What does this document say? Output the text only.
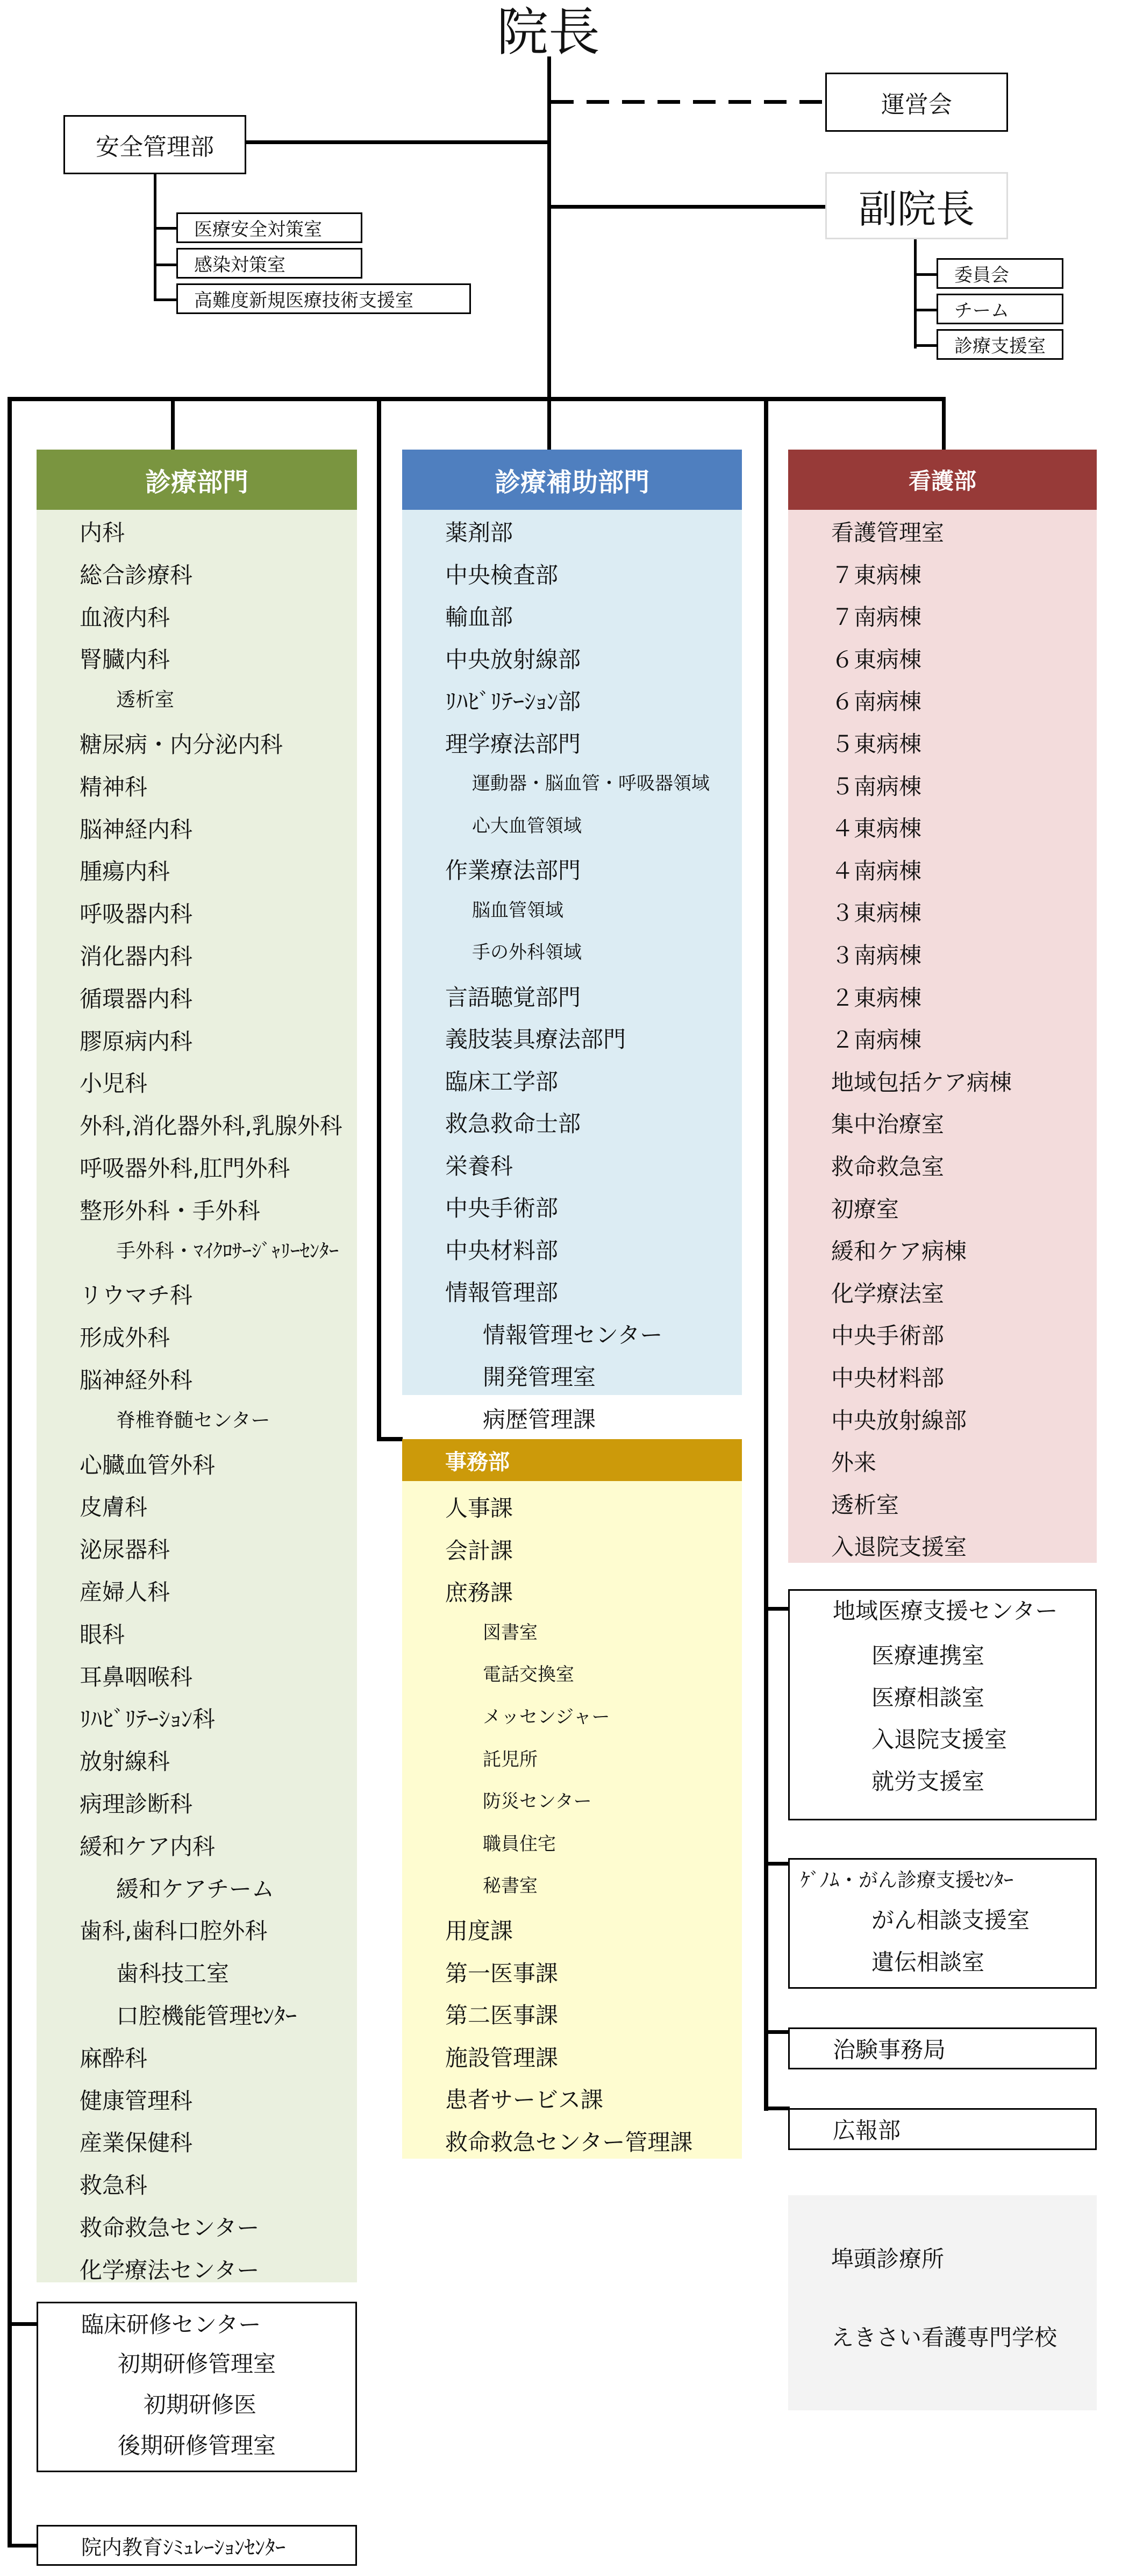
院長
運営会
安全管理部
医療安全対策室
感染対策室
高難度新規医療技術支援室
副院長
委員会
チーム
診療支援室
診療部門
内科
総合診療科
血液内科
腎臓内科
透析室
糖尿病・内分泌内科
精神科
脳神経内科
腫瘍内科
呼吸器内科
消化器内科
循環器内科
膠原病内科
小児科
外科,消化器外科,乳腺外科
呼吸器外科,肛門外科
整形外科・手外科
手外科・ﾏｲｸﾛｻｰｼﾞｬﾘｰｾﾝﾀｰ
リウマチ科
形成外科
脳神経外科
脊椎脊髄センター
心臓血管外科
皮膚科
泌尿器科
産婦人科
眼科
耳鼻咽喉科
ﾘﾊﾋﾞﾘﾃｰｼｮﾝ科
放射線科
病理診断科
緩和ケア内科
緩和ケアチーム
歯科,歯科口腔外科
歯科技工室
口腔機能管理ｾﾝﾀｰ
麻酔科
健康管理科
産業保健科
救急科
救命救急センター
化学療法センター
診療補助部門
薬剤部
中央検査部
輸血部
中央放射線部
ﾘﾊﾋﾞﾘﾃｰｼｮﾝ部
理学療法部門
運動器・脳血管・呼吸器領域
心大血管領域
作業療法部門
脳血管領域
手の外科領域
言語聴覚部門
義肢装具療法部門
臨床工学部
救急救命士部
栄養科
中央手術部
中央材料部
情報管理部
情報管理センター
開発管理室
病歴管理課
事務部
人事課
会計課
庶務課
図書室
電話交換室
メッセンジャー
託児所
防災センター
職員住宅
秘書室
用度課
第一医事課
第二医事課
施設管理課
患者サービス課
救命救急センター管理課
看護部
看護管理室
７東病棟
７南病棟
６東病棟
６南病棟
５東病棟
５南病棟
４東病棟
４南病棟
３東病棟
３南病棟
２東病棟
２南病棟
地域包括ケア病棟
集中治療室
救命救急室
初療室
緩和ケア病棟
化学療法室
中央手術部
中央材料部
中央放射線部
外来
透析室
入退院支援室
地域医療支援センター
医療連携室
医療相談室
入退院支援室
就労支援室
ｹﾞﾉﾑ・がん診療支援ｾﾝﾀｰ
がん相談支援室
遺伝相談室
治験事務局
広報部
埠頭診療所
えきさい看護専門学校
臨床研修センター
初期研修管理室
初期研修医
後期研修管理室
院内教育ｼﾐｭﾚｰｼｮﾝｾﾝﾀｰ
